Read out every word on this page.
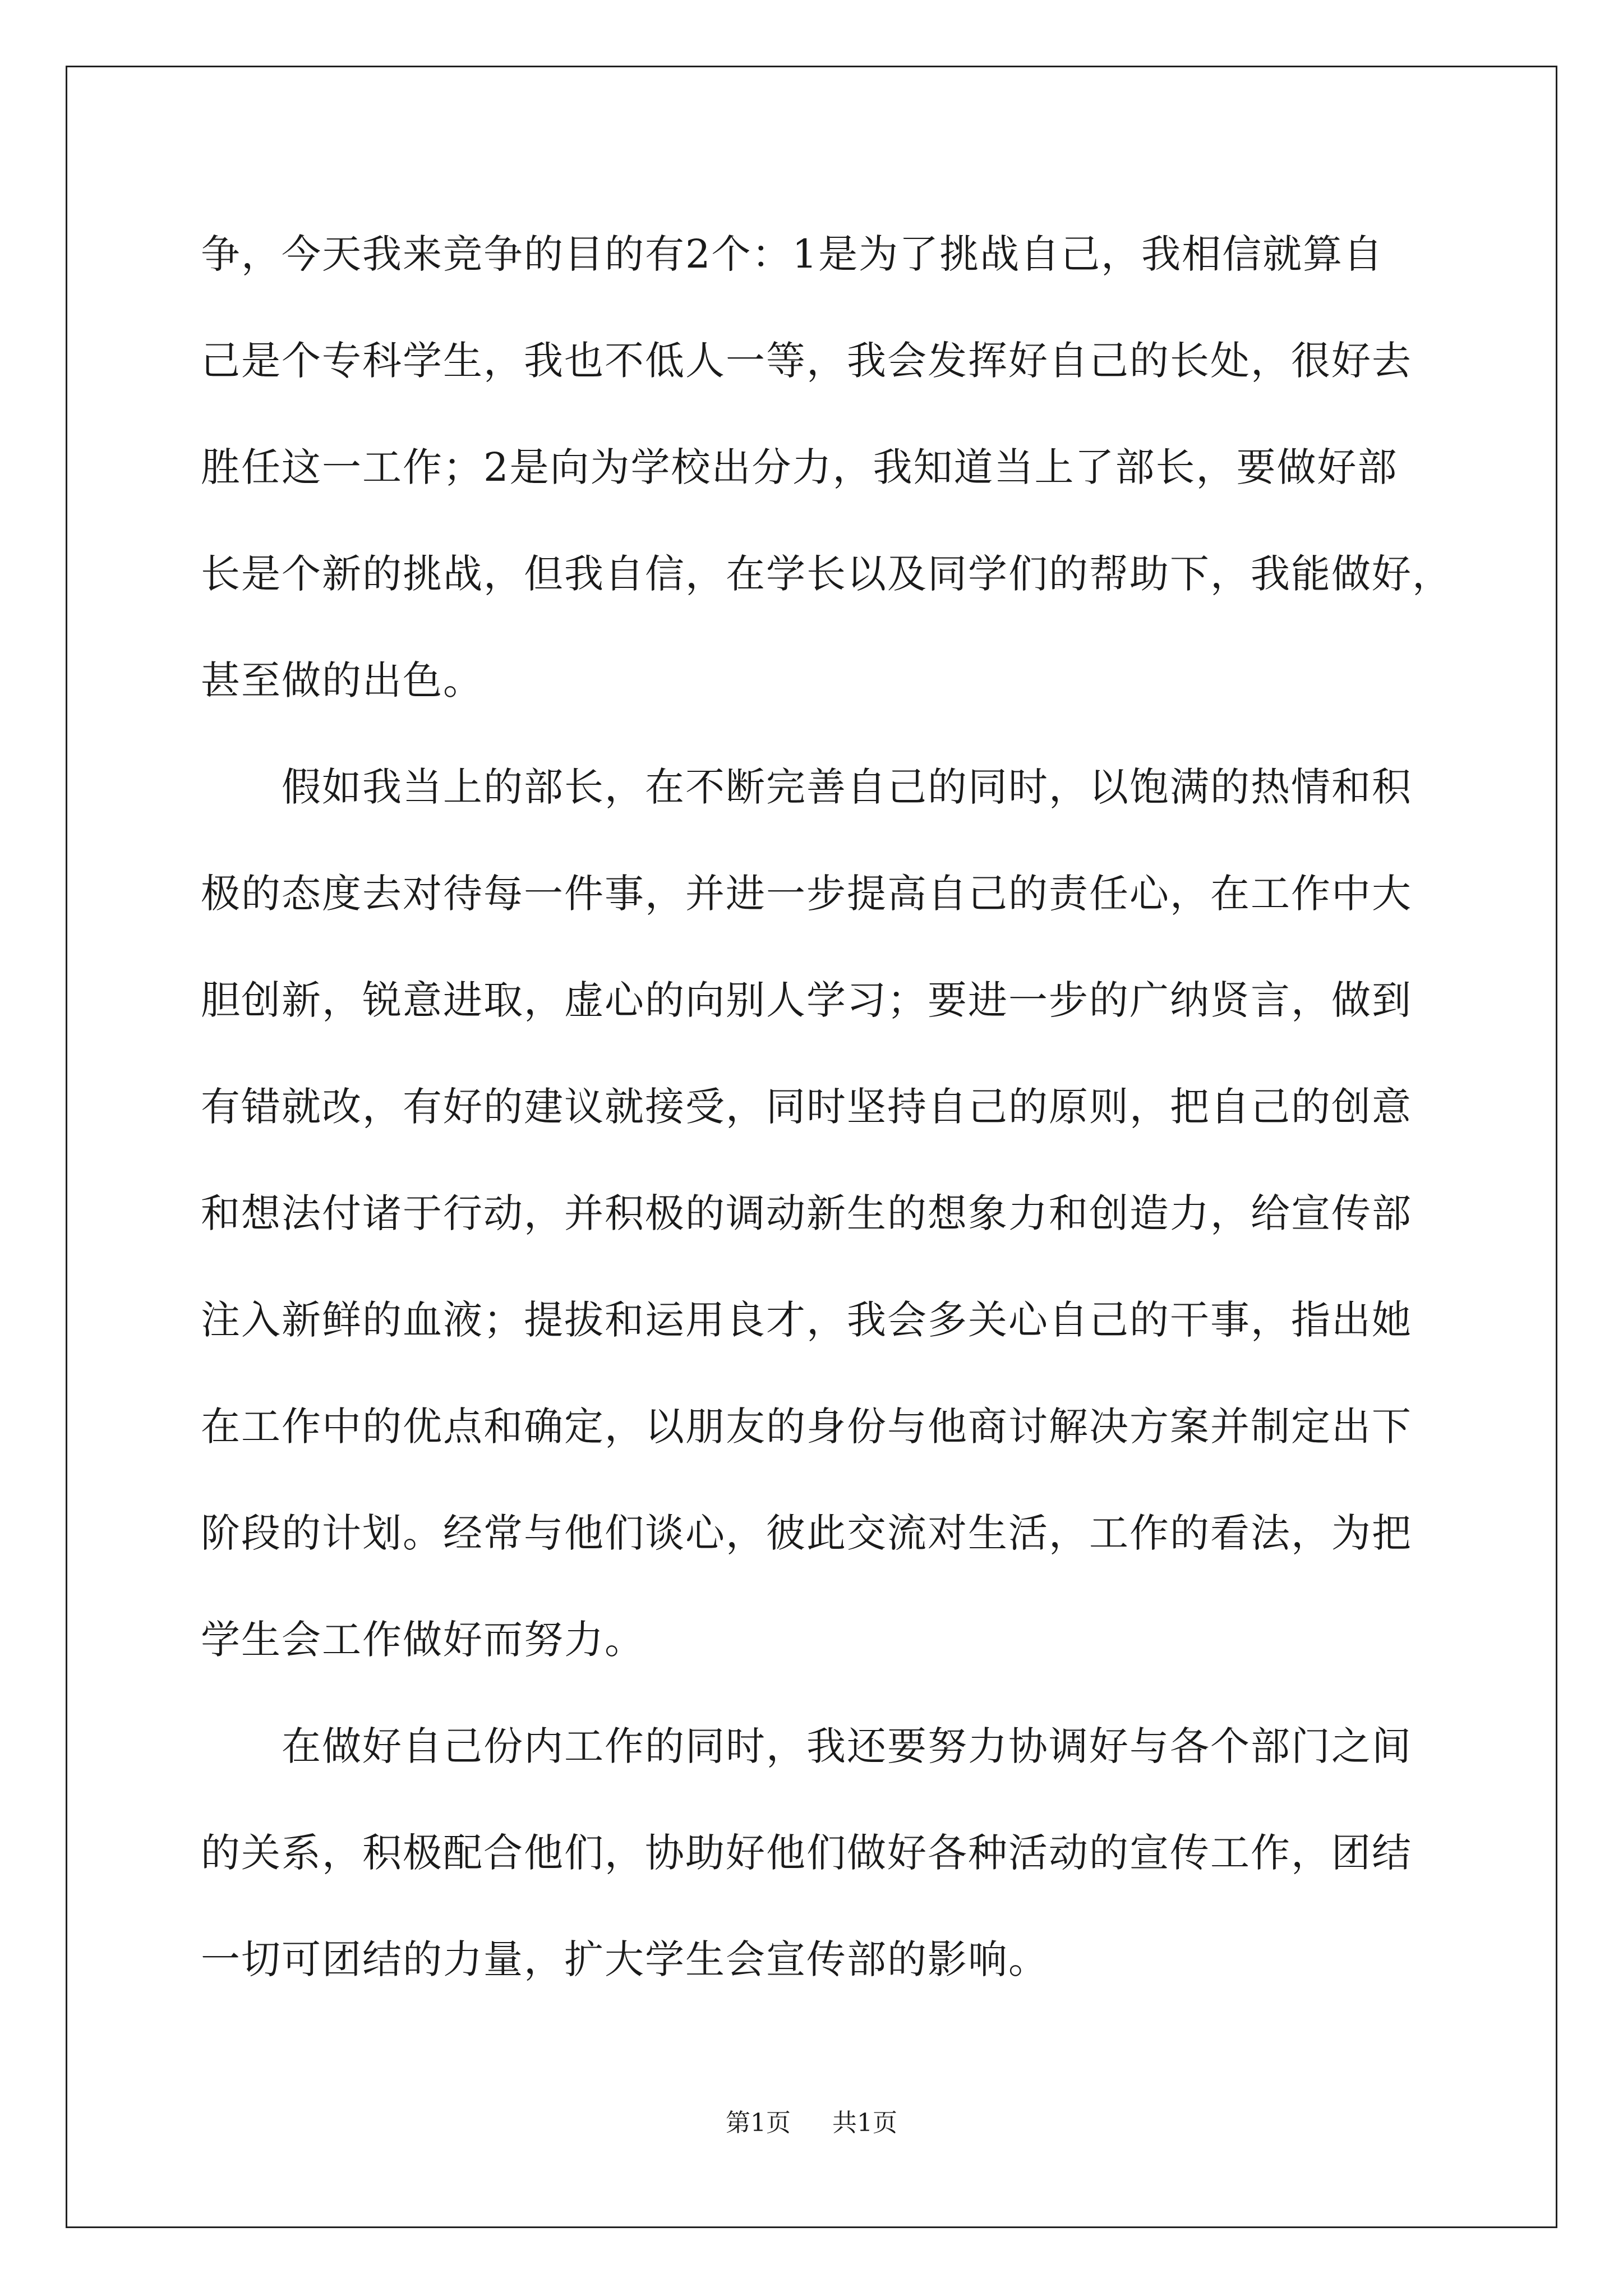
争，今天我来竞争的目的有2个：1是为了挑战自己，我相信就算自
己是个专科学生，我也不低人一等，我会发挥好自己的长处，很好去
胜任这一工作；2是向为学校出分力，我知道当上了部长，要做好部
长是个新的挑战，但我自信，在学长以及同学们的帮助下，我能做好，
甚至做的出色。
　　假如我当上的部长，在不断完善自己的同时，以饱满的热情和积
极的态度去对待每一件事，并进一步提高自己的责任心，在工作中大
胆创新，锐意进取，虚心的向别人学习；要进一步的广纳贤言，做到
有错就改，有好的建议就接受，同时坚持自己的原则，把自己的创意
和想法付诸于行动，并积极的调动新生的想象力和创造力，给宣传部
注入新鲜的血液；提拔和运用良才，我会多关心自己的干事，指出她
在工作中的优点和确定，以朋友的身份与他商讨解决方案并制定出下
阶段的计划。经常与他们谈心，彼此交流对生活，工作的看法，为把
学生会工作做好而努力。
　　在做好自己份内工作的同时，我还要努力协调好与各个部门之间
的关系，积极配合他们，协助好他们做好各种活动的宣传工作，团结
一切可团结的力量，扩大学生会宣传部的影响。
第1页 共1页
